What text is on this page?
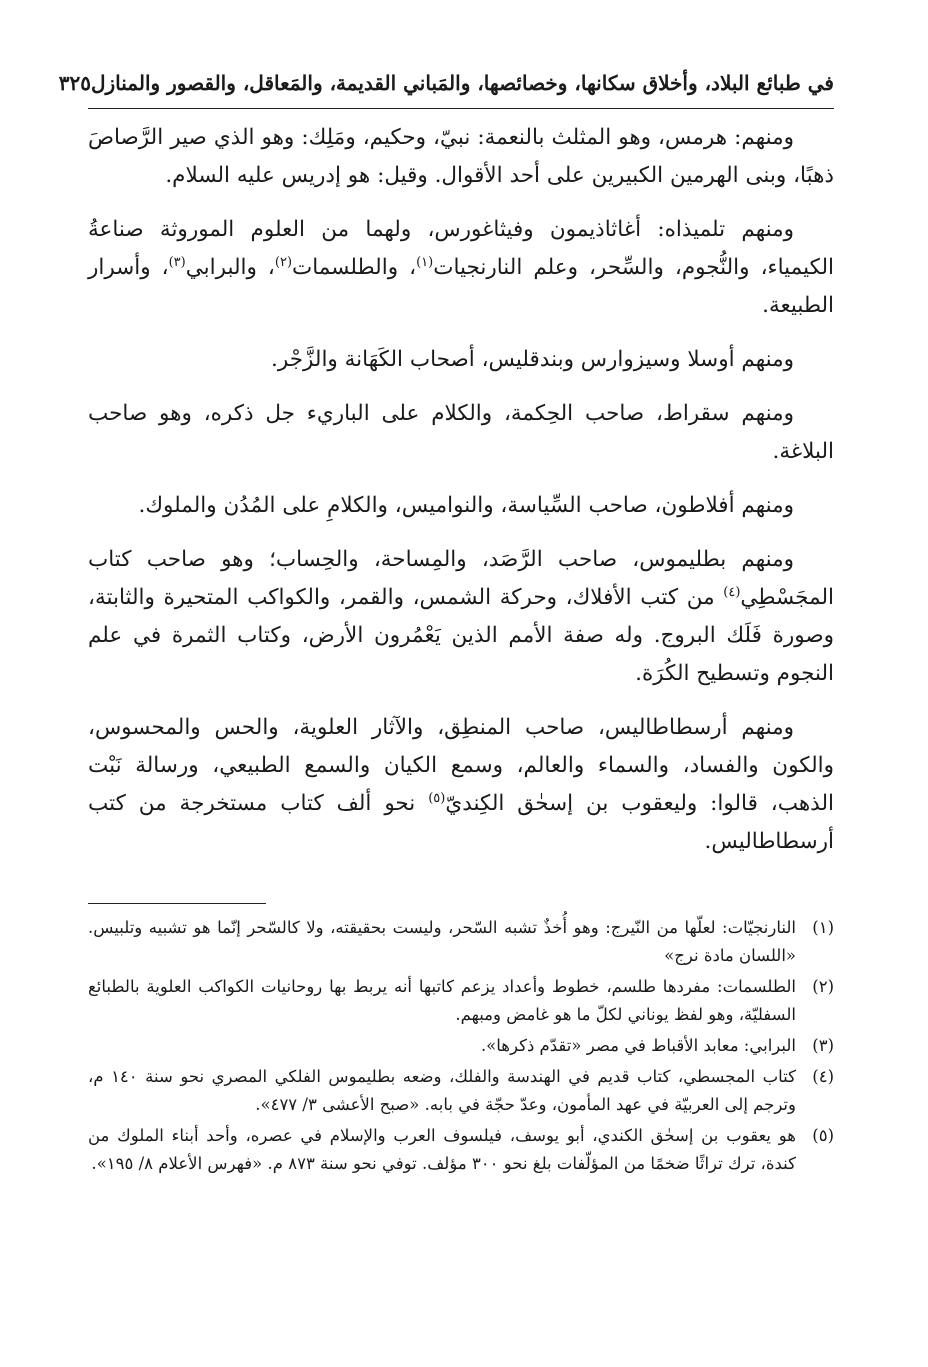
في طبائع البلاد، وأخلاق سكانها، وخصائصها، والمَباني القديمة، والمَعاقل، والقصور والمنازل
٣٢٥

ومنهم: هرمس، وهو المثلث بالنعمة: نبيّ، وحكيم، ومَلِك: وهو الذي صير الرَّصاصَ ذهبًا، وبنى الهرمين الكبيرين على أحد الأقوال. وقيل: هو إدريس عليه السلام.

ومنهم تلميذاه: أغاثاذيمون وفيثاغورس، ولهما من العلوم الموروثة صناعةُ الكيمياء، والنُّجوم، والسِّحر، وعلم النارنجيات$^{(١)}$، والطلسمات$^{(٢)}$، والبرابي$^{(٣)}$، وأسرار الطبيعة.

ومنهم أوسلا وسيزوارس وبندقليس، أصحاب الكَهَانة والزَّجْر.

ومنهم سقراط، صاحب الحِكمة، والكلام على الباريء جل ذكره، وهو صاحب البلاغة.

ومنهم أفلاطون، صاحب السِّياسة، والنواميس، والكلامِ على المُدُن والملوك.

ومنهم بطليموس، صاحب الرَّصَد، والمِساحة، والحِساب؛ وهو صاحب كتاب المجَسْطِي$^{(٤)}$ من كتب الأفلاك، وحركة الشمس، والقمر، والكواكب المتحيرة والثابتة، وصورة فَلَك البروج. وله صفة الأمم الذين يَعْمُرون الأرض، وكتاب الثمرة في علم النجوم وتسطيح الكُرَة.

ومنهم أرسطاطاليس، صاحب المنطِق، والآثار العلوية، والحس والمحسوس، والكون والفساد، والسماء والعالم، وسمع الكيان والسمع الطبيعي، ورسالة نَبْت الذهب، قالوا: وليعقوب بن إسحٰق الكِنديّ$^{(٥)}$ نحو ألف كتاب مستخرجة من كتب أرسطاطاليس.

(١)
النارنجيّات: لعلّها من النّيرج: وهو أُخذٌ تشبه السّحر، وليست بحقيقته، ولا كالسّحر إنّما هو تشبيه وتلبيس. «اللسان مادة نرج»
(٢)
الطلسمات: مفردها طلسم، خطوط وأعداد يزعم كاتبها أنه يربط بها روحانيات الكواكب العلوية بالطبائع السفليّة، وهو لفظ يوناني لكلّ ما هو غامض ومبهم.
(٣)
البرابي: معابد الأقباط في مصر «تقدّم ذكرها».
(٤)
كتاب المجسطي، كتاب قديم في الهندسة والفلك، وضعه بطليموس الفلكي المصري نحو سنة ١٤٠ م، وترجم إلى العربيّة في عهد المأمون، وعدّ حجّة في بابه. «صبح الأعشى ٣/ ٤٧٧».
(٥)
هو يعقوب بن إسحٰق الكندي، أبو يوسف، فيلسوف العرب والإسلام في عصره، وأحد أبناء الملوك من كندة، ترك تراثًا ضخمًا من المؤلّفات بلغ نحو ٣٠٠ مؤلف. توفي نحو سنة ٨٧٣ م. «فهرس الأعلام ٨/ ١٩٥».
